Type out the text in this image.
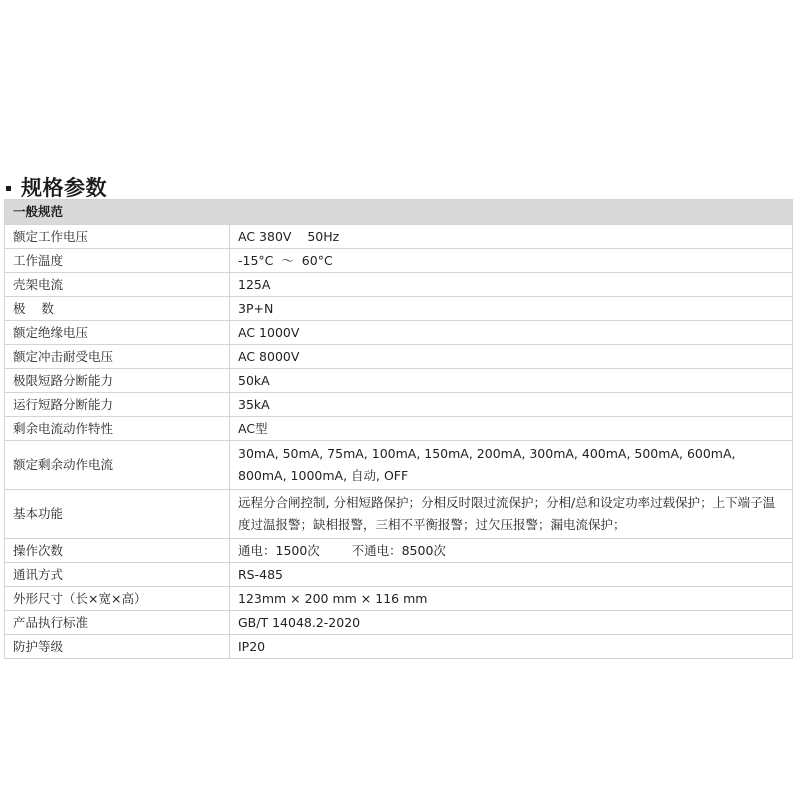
规格参数
一般规范	
额定工作电压	AC 380V    50Hz
工作温度	-15°C  ～  60°C
壳架电流	125A
极    数	3P+N
额定绝缘电压	AC 1000V
额定冲击耐受电压	AC 8000V
极限短路分断能力	50kA
运行短路分断能力	35kA
剩余电流动作特性	AC型
额定剩余动作电流	30mA, 50mA, 75mA, 100mA, 150mA, 200mA, 300mA, 400mA, 500mA, 600mA, 800mA, 1000mA, 自动, OFF
基本功能	远程分合闸控制, 分相短路保护；分相反时限过流保护；分相/总和设定功率过载保护；上下端子温度过温报警；缺相报警，三相不平衡报警；过欠压报警；漏电流保护；
操作次数	通电：1500次        不通电：8500次
通讯方式	RS-485
外形尺寸（长×宽×高）	123mm × 200 mm × 116 mm
产品执行标准	GB/T 14048.2-2020
防护等级	IP20
